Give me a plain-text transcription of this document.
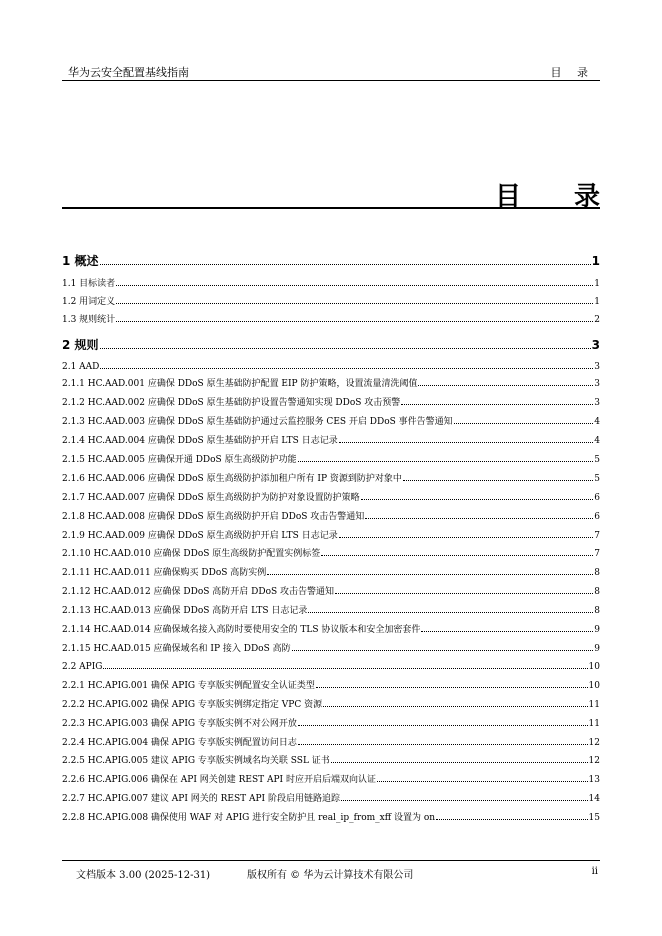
华为云安全配置基线指南	目 录
目 录
1 概述	1
1.1 目标读者	1
1.2 用词定义	1
1.3 规则统计	2
2 规则	3
2.1 AAD	3
2.1.1 HC.AAD.001 应确保 DDoS 原生基础防护配置 EIP 防护策略，设置流量清洗阈值	3
2.1.2 HC.AAD.002 应确保 DDoS 原生基础防护设置告警通知实现 DDoS 攻击预警	3
2.1.3 HC.AAD.003 应确保 DDoS 原生基础防护通过云监控服务 CES 开启 DDoS 事件告警通知	4
2.1.4 HC.AAD.004 应确保 DDoS 原生基础防护开启 LTS 日志记录	4
2.1.5 HC.AAD.005 应确保开通 DDoS 原生高级防护功能	5
2.1.6 HC.AAD.006 应确保 DDoS 原生高级防护添加租户所有 IP 资源到防护对象中	5
2.1.7 HC.AAD.007 应确保 DDoS 原生高级防护为防护对象设置防护策略	6
2.1.8 HC.AAD.008 应确保 DDoS 原生高级防护开启 DDoS 攻击告警通知	6
2.1.9 HC.AAD.009 应确保 DDoS 原生高级防护开启 LTS 日志记录	7
2.1.10 HC.AAD.010 应确保 DDoS 原生高级防护配置实例标签	7
2.1.11 HC.AAD.011 应确保购买 DDoS 高防实例	8
2.1.12 HC.AAD.012 应确保 DDoS 高防开启 DDoS 攻击告警通知	8
2.1.13 HC.AAD.013 应确保 DDoS 高防开启 LTS 日志记录	8
2.1.14 HC.AAD.014 应确保域名接入高防时要使用安全的 TLS 协议版本和安全加密套件	9
2.1.15 HC.AAD.015 应确保域名和 IP 接入 DDoS 高防	9
2.2 APIG	10
2.2.1 HC.APIG.001 确保 APIG 专享版实例配置安全认证类型	10
2.2.2 HC.APIG.002 确保 APIG 专享版实例绑定指定 VPC 资源	11
2.2.3 HC.APIG.003 确保 APIG 专享版实例不对公网开放	11
2.2.4 HC.APIG.004 确保 APIG 专享版实例配置访问日志	12
2.2.5 HC.APIG.005 建议 APIG 专享版实例域名均关联 SSL 证书	12
2.2.6 HC.APIG.006 确保在 API 网关创建 REST API 时应开启后端双向认证	13
2.2.7 HC.APIG.007 建议 API 网关的 REST API 阶段启用链路追踪	14
2.2.8 HC.APIG.008 确保使用 WAF 对 APIG 进行安全防护且 real_ip_from_xff 设置为 on	15
文档版本 3.00 (2025-12-31)	版权所有 © 华为云计算技术有限公司	ii
